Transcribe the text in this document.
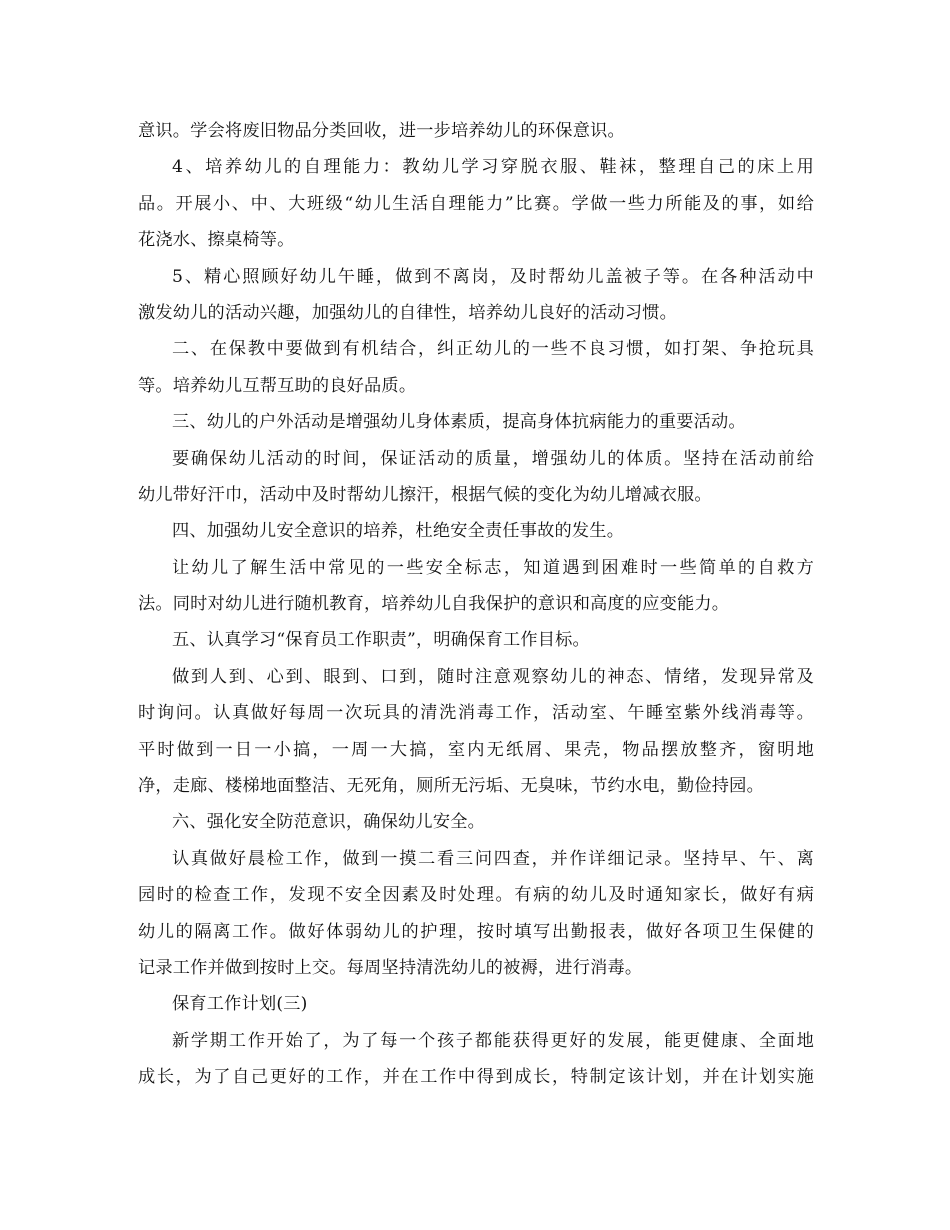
意识。学会将废旧物品分类回收，进一步培养幼儿的环保意识。
4、培养幼儿的自理能力：教幼儿学习穿脱衣服、鞋袜，整理自己的床上用
品。开展小、中、大班级“幼儿生活自理能力”比赛。学做一些力所能及的事，如给
花浇水、擦桌椅等。
5、精心照顾好幼儿午睡，做到不离岗，及时帮幼儿盖被子等。在各种活动中
激发幼儿的活动兴趣，加强幼儿的自律性，培养幼儿良好的活动习惯。
二、在保教中要做到有机结合，纠正幼儿的一些不良习惯，如打架、争抢玩具
等。培养幼儿互帮互助的良好品质。
三、幼儿的户外活动是增强幼儿身体素质，提高身体抗病能力的重要活动。
要确保幼儿活动的时间，保证活动的质量，增强幼儿的体质。坚持在活动前给
幼儿带好汗巾，活动中及时帮幼儿擦汗，根据气候的变化为幼儿增减衣服。
四、加强幼儿安全意识的培养，杜绝安全责任事故的发生。
让幼儿了解生活中常见的一些安全标志，知道遇到困难时一些简单的自救方
法。同时对幼儿进行随机教育，培养幼儿自我保护的意识和高度的应变能力。
五、认真学习“保育员工作职责”，明确保育工作目标。
做到人到、心到、眼到、口到，随时注意观察幼儿的神态、情绪，发现异常及
时询问。认真做好每周一次玩具的清洗消毒工作，活动室、午睡室紫外线消毒等。
平时做到一日一小搞，一周一大搞，室内无纸屑、果壳，物品摆放整齐，窗明地
净，走廊、楼梯地面整洁、无死角，厕所无污垢、无臭味，节约水电，勤俭持园。
六、强化安全防范意识，确保幼儿安全。
认真做好晨检工作，做到一摸二看三问四查，并作详细记录。坚持早、午、离
园时的检查工作，发现不安全因素及时处理。有病的幼儿及时通知家长，做好有病
幼儿的隔离工作。做好体弱幼儿的护理，按时填写出勤报表，做好各项卫生保健的
记录工作并做到按时上交。每周坚持清洗幼儿的被褥，进行消毒。
保育工作计划(三)
新学期工作开始了，为了每一个孩子都能获得更好的发展，能更健康、全面地
成长，为了自己更好的工作，并在工作中得到成长，特制定该计划，并在计划实施
